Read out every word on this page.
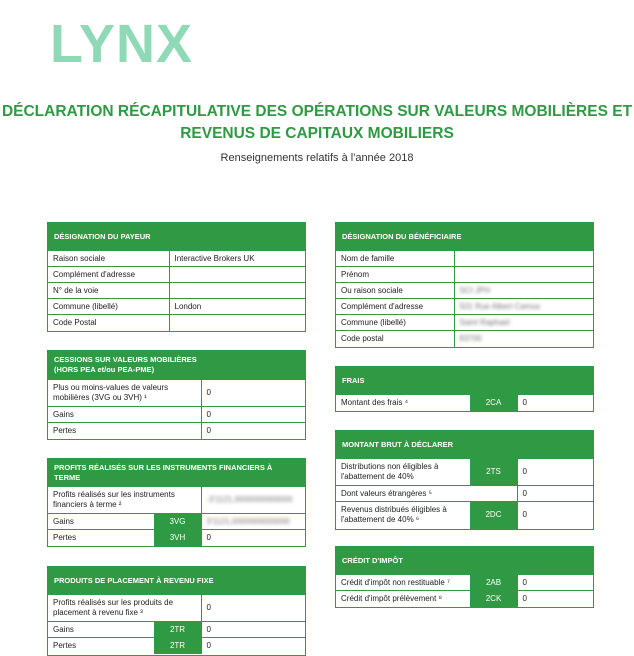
LYNX
DÉCLARATION RÉCAPITULATIVE DES OPÉRATIONS SUR VALEURS MOBILIÈRES ET
REVENUS DE CAPITAUX MOBILIERS
Renseignements relatifs à l'année 2018
DÉSIGNATION DU PAYEUR
Raison sociale	Interactive Brokers UK
Complément d'adresse	
N° de la voie	
Commune (libellé)	London
Code Postal	
CESSIONS SUR VALEURS MOBILIÈRES
(HORS PEA et/ou PEA-PME)
Plus ou moins-values de valeurs mobilières (3VG ou 3VH) ¹	0
Gains	0
Pertes	0
PROFITS RÉALISÉS SUR LES INSTRUMENTS FINANCIERS À TERME
Profits réalisés sur les instruments financiers à terme ²		-3'1121,0000000000000
Gains	3VG	3'1121,0000000000000
Pertes	3VH	0
PRODUITS DE PLACEMENT À REVENU FIXE
Profits réalisés sur les produits de placement à revenu fixe ³		0
Gains	2TR	0
Pertes	2TR	0
DÉSIGNATION DU BÉNÉFICIAIRE
Nom de famille	
Prénom	
Ou raison sociale	SCI JPH
Complément d'adresse	501 Rue Albert Camus
Commune (libellé)	Saint Raphael
Code postal	83700
FRAIS
Montant des frais ⁴	2CA	0
MONTANT BRUT À DÉCLARER
Distributions non éligibles à l'abattement de 40%	2TS	0
Dont valeurs étrangères ⁵		0
Revenus distribués éligibles à l'abattement de 40% ⁶	2DC	0
CRÉDIT D'IMPÔT
Crédit d'impôt non restituable ⁷	2AB	0
Crédit d'impôt prélèvement ⁸	2CK	0
